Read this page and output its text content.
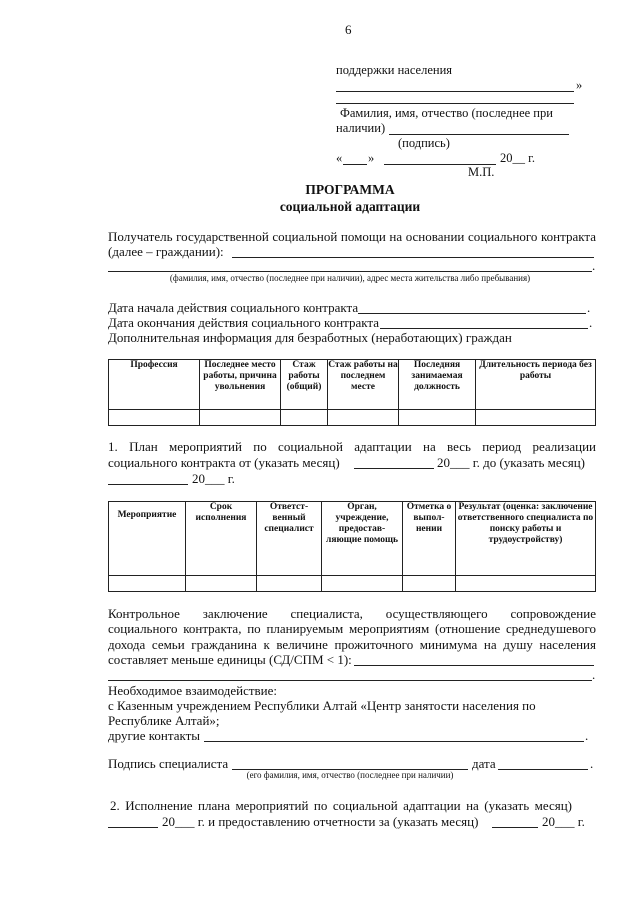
6
поддержки населения
»
Фамилия, имя, отчество (последнее при
наличии)
(подпись)
« »	20__ г.
М.П.
ПРОГРАММА
социальной адаптации
Получатель государственной социальной помощи на основании социального контракта
(далее – граждании):
.
(фамилия, имя, отчество (последнее при наличии), адрес места жительства либо пребывания)
Дата начала действия социального контракта	.
Дата окончания действия социального контракта	.
Дополнительная информация для безработных (неработающих) граждан
Профессия	Последнее место работы, причина увольнения	Стаж работы (общий)	Стаж работы на последнем месте	Последняя занимаемая должность	Длительность периода без работы

1. План мероприятий по социальной адаптации на весь период реализации
социального контракта от (указать месяц)	20___ г. до (указать месяц)
20___ г.
Мероприятие	Срок исполнения	Ответст-венный специалист	Орган, учреждение, предостав-ляющие помощь	Отметка о выпол-нении	Результат (оценка: заключение ответственного специалиста по поиску работы и трудоустройству)

Контрольное заключение специалиста, осуществляющего сопровождение
социального контракта, по планируемым мероприятиям (отношение среднедушевого
дохода семьи гражданина к величине прожиточного минимума на душу населения
составляет меньше единицы (СД/СПМ < 1):
.
Необходимое взаимодействие:
с Казенным учреждением Республики Алтай «Центр занятости населения по
Республике Алтай»;
другие контакты	.
Подпись специалиста	дата	.
(его фамилия, имя, отчество (последнее при наличии)
2. Исполнение плана мероприятий по социальной адаптации на (указать месяц)
20___ г. и предоставлению отчетности за (указать месяц)	20___ г.
